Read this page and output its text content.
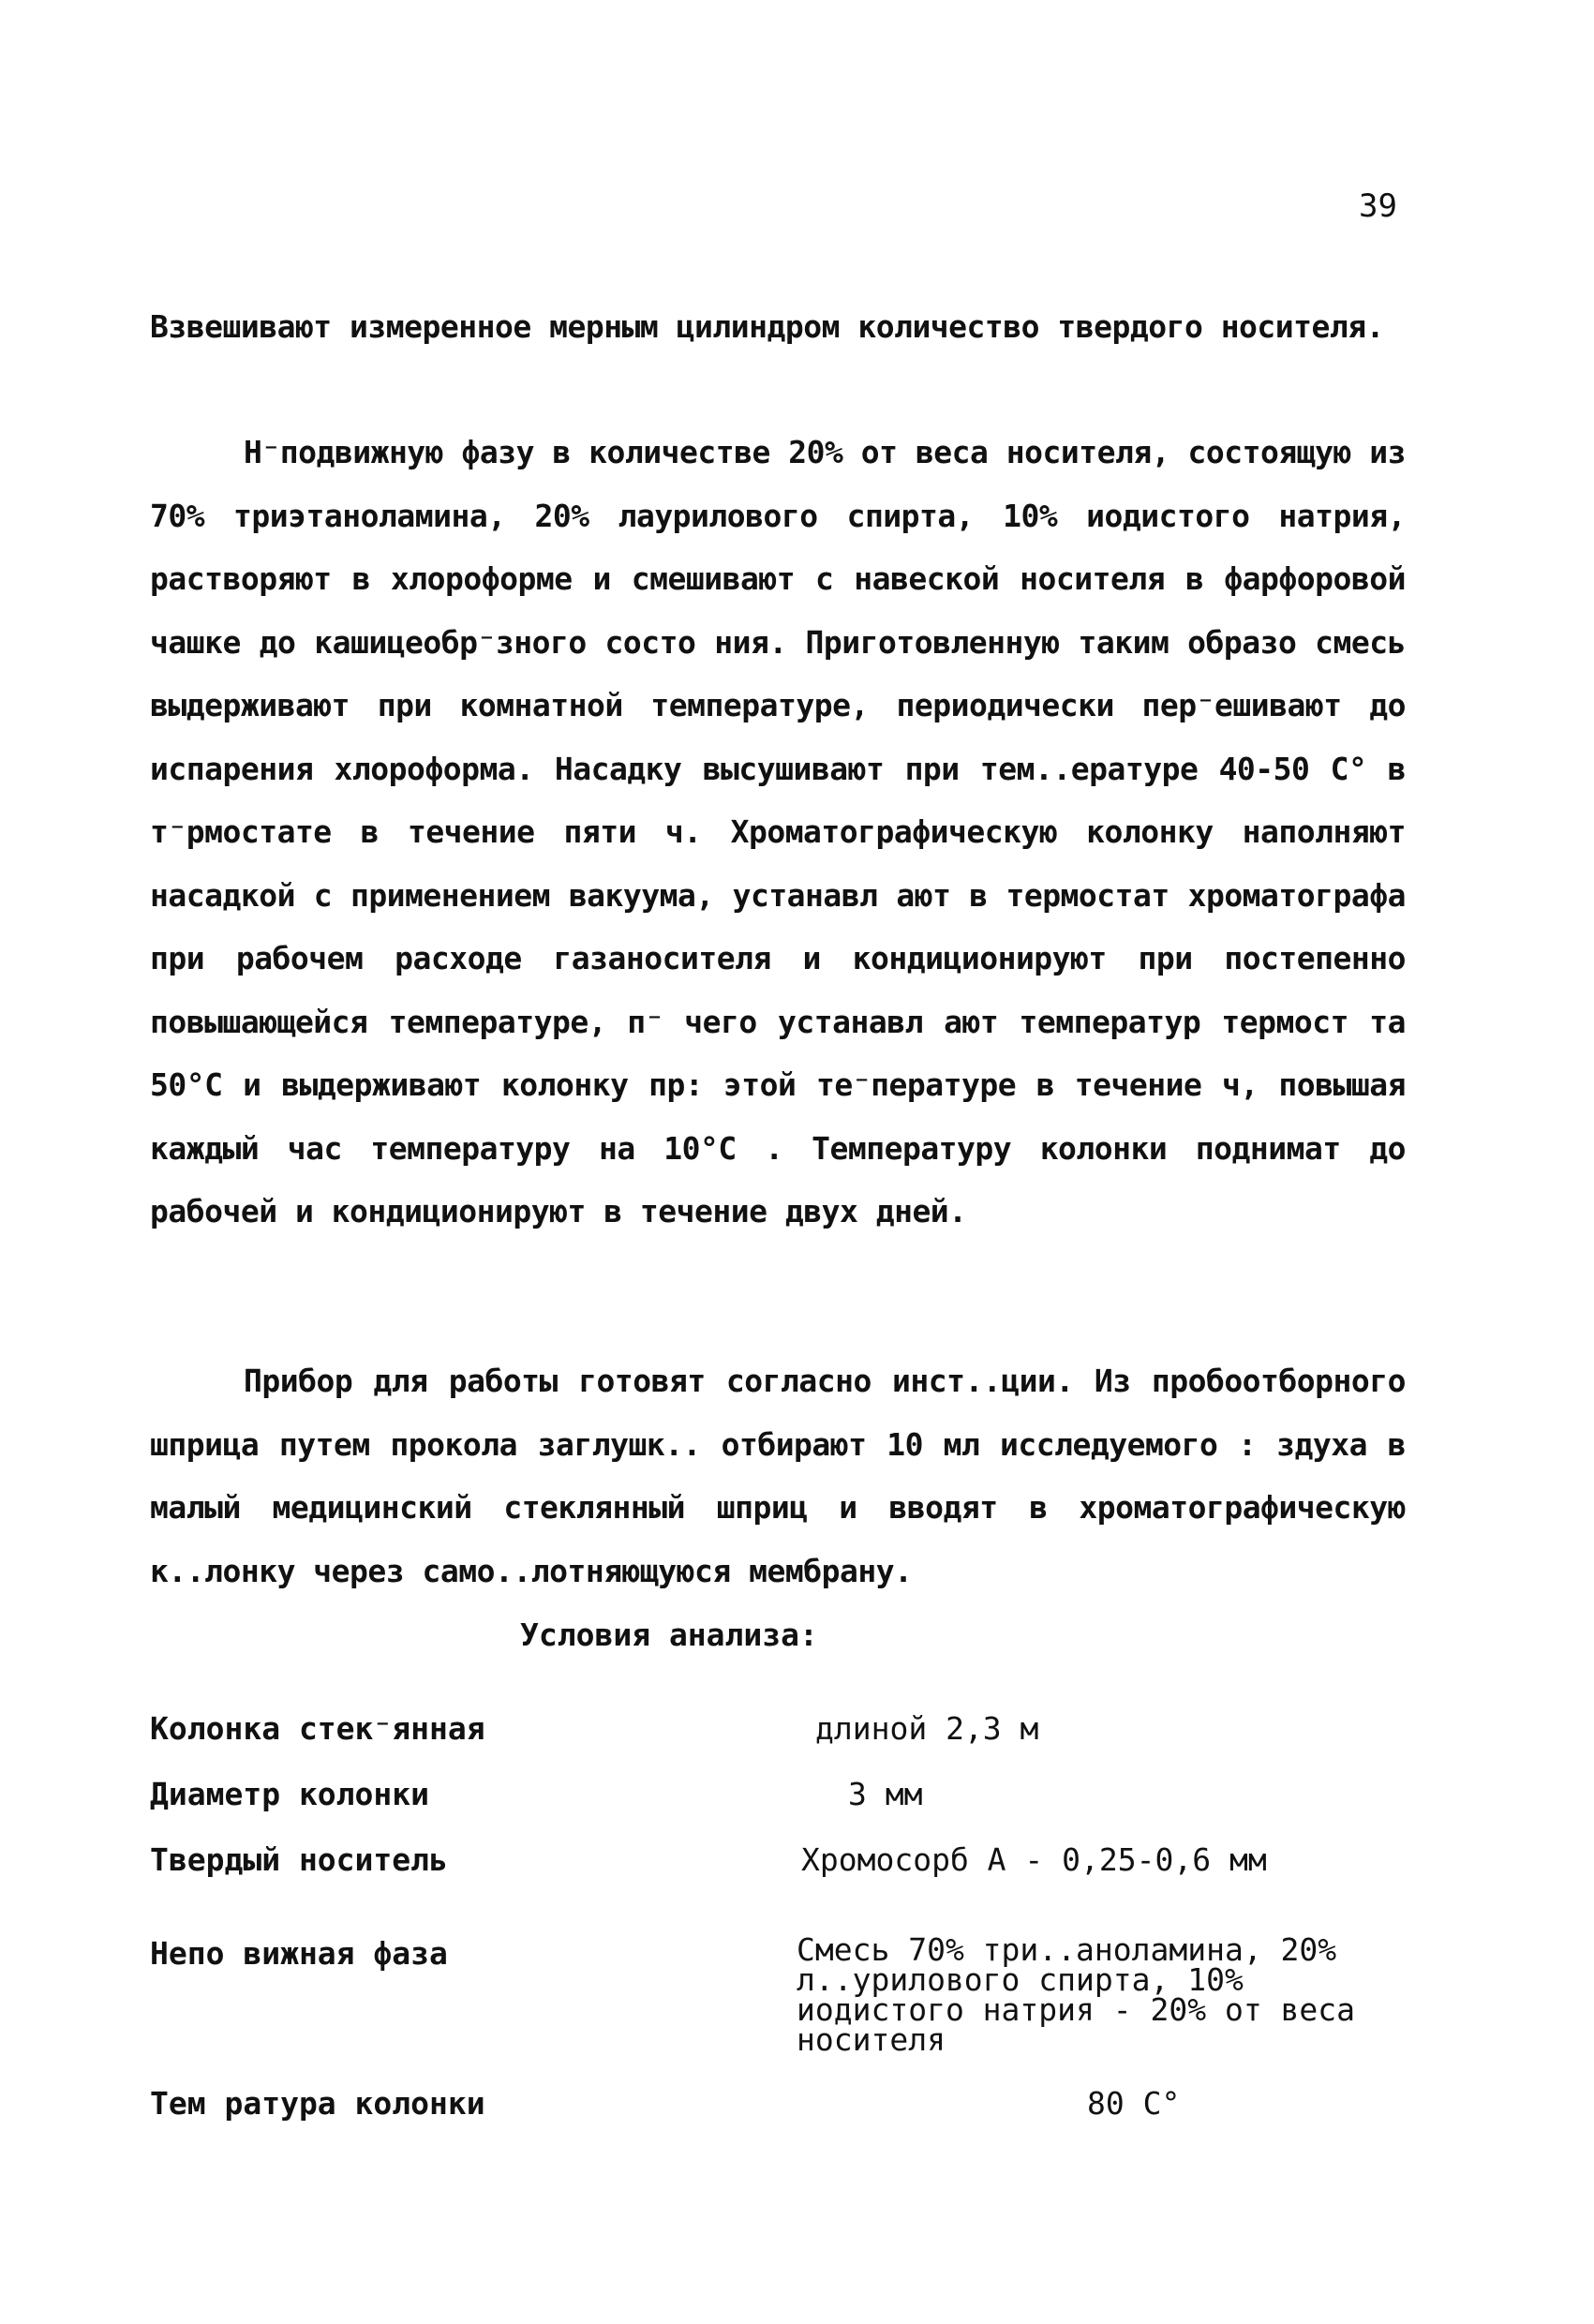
39

Взвешивают измеренное мерным цилиндром количество твердого носителя.

Н⁻подвижную фазу в количестве 20% от веса ноcителя, состоящую из 70% триэтаноламина, 20% лаурилового спирта, 10% иодистого натрия, растворяют в хлороформе и смешивают с навеской носителя в фарфоровой чашке до кашицеобр⁻зного состо ния. Приготовленную таким образо смесь выдерживают при комнатной температуре, периодически пер⁻ешивают до испарения хлороформа. Насадку высушивают при тем..ературе 40-50 С° в т⁻рмостате в течение пяти ч. Хроматографическую колонку наполняют насадкой с применением вакуума, устанавл ают в термостат хроматографа при рабочем расходе газаносителя и кондиционируют при постепенно повышающейся температуре, п⁻ чего устанавл ают температур термост та 50°С и выдерживают колонку пр: этой те⁻пературе в течение ч, повышая каждый час температуру на 10°С . Температуру колонки поднимат до рабочей и кондиционируют в течение двух дней.

Прибор для работы готовят согласно инст..ции. Из пробоотборного шприца путем прокола заглушк.. отбирают 10 мл исследуемого : здуха в малый медицинский стеклянный шприц и вводят в хроматографическую к..лонку через само..лотняющуюся мембрану.

Условия анализа:
Колонка стек⁻янная	длиной 2,3 м
Диаметр колонки	3 мм
Твердый носитель	Хромосорб А - 0,25-0,6 мм
Непо вижная фаза	Смесь 70% три..аноламина, 20% л..урилового спирта, 10% иодистого натрия - 20% от веса носителя
Тем ратура колонки	80 С°
